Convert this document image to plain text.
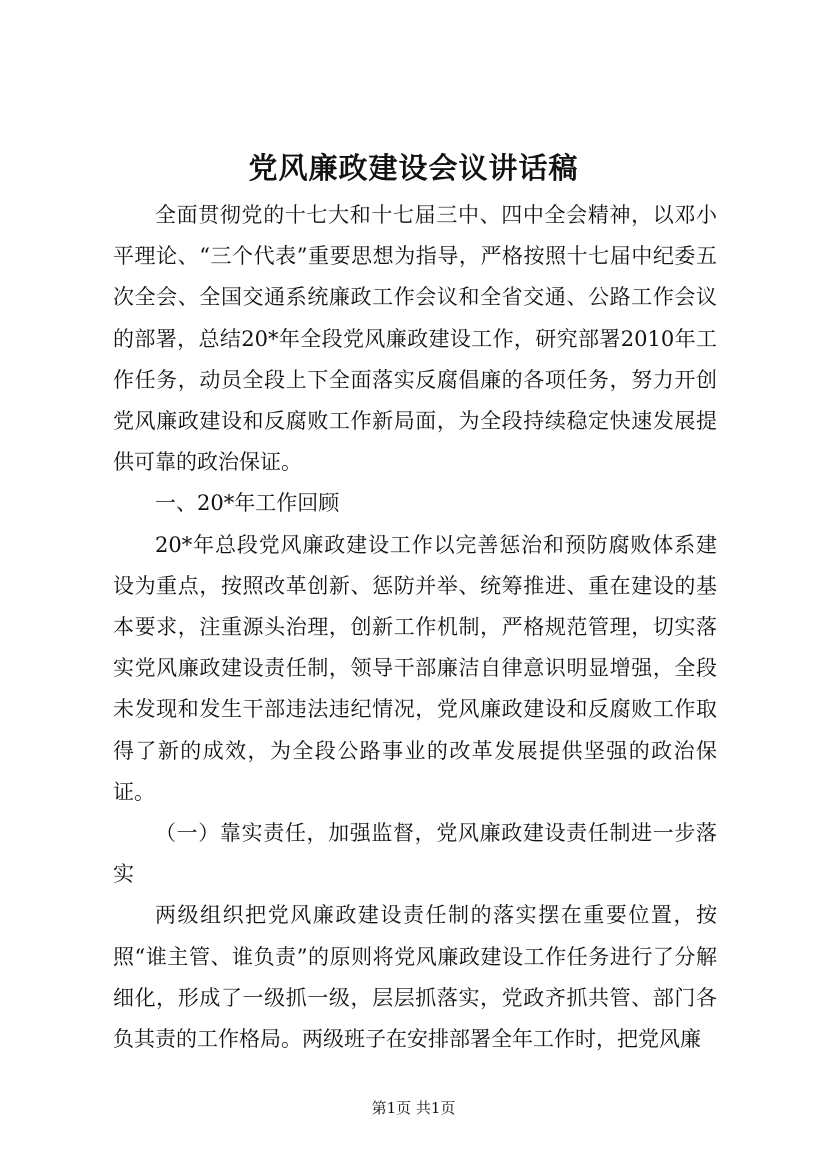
党风廉政建设会议讲话稿

全面贯彻党的十七大和十七届三中、四中全会精神，以邓小平理论、“三个代表”重要思想为指导，严格按照十七届中纪委五次全会、全国交通系统廉政工作会议和全省交通、公路工作会议的部署，总结20*年全段党风廉政建设工作，研究部署2010年工作任务，动员全段上下全面落实反腐倡廉的各项任务，努力开创党风廉政建设和反腐败工作新局面，为全段持续稳定快速发展提供可靠的政治保证。

一、20*年工作回顾

20*年总段党风廉政建设工作以完善惩治和预防腐败体系建设为重点，按照改革创新、惩防并举、统筹推进、重在建设的基本要求，注重源头治理，创新工作机制，严格规范管理，切实落实党风廉政建设责任制，领导干部廉洁自律意识明显增强，全段未发现和发生干部违法违纪情况，党风廉政建设和反腐败工作取得了新的成效，为全段公路事业的改革发展提供坚强的政治保证。

（一）靠实责任，加强监督，党风廉政建设责任制进一步落实

两级组织把党风廉政建设责任制的落实摆在重要位置，按照“谁主管、谁负责”的原则将党风廉政建设工作任务进行了分解细化，形成了一级抓一级，层层抓落实，党政齐抓共管、部门各负其责的工作格局。两级班子在安排部署全年工作时，把党风廉

第1页 共1页
